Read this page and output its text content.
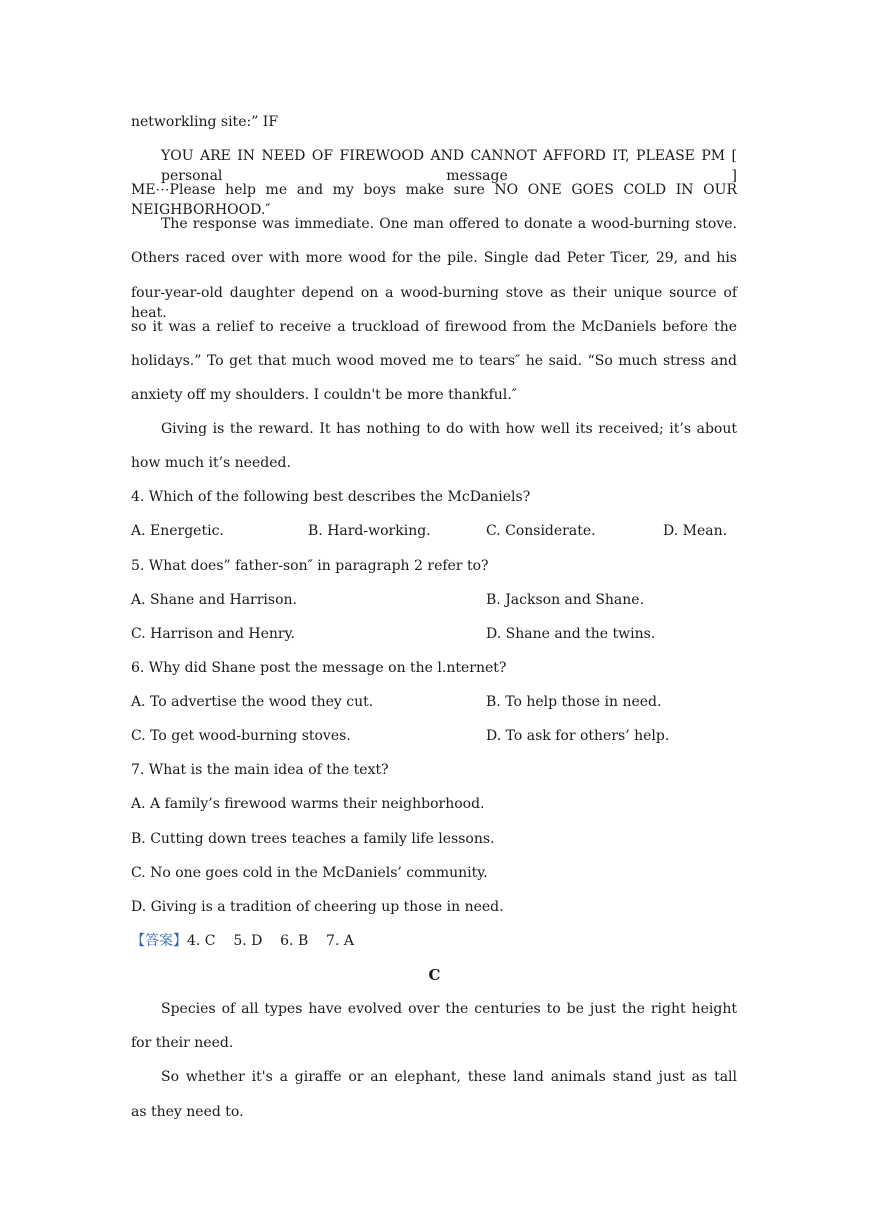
networkling site:” IF
YOU ARE IN NEED OF FIREWOOD AND CANNOT AFFORD IT, PLEASE PM [ personal message ]
ME⋯Please help me and my boys make sure NO ONE GOES COLD IN OUR NEIGHBORHOOD.″
The response was immediate. One man offered to donate a wood-burning stove.
Others raced over with more wood for the pile. Single dad Peter Ticer, 29, and his
four-year-old daughter depend on a wood-burning stove as their unique source of heat.
so it was a relief to receive a truckload of firewood from the McDaniels before the
holidays.” To get that much wood moved me to tears″ he said. “So much stress and
anxiety off my shoulders. I couldn't be more thankful.″
Giving is the reward. It has nothing to do with how well its received; it’s about
how much it’s needed.
4. Which of the following best describes the McDaniels?
A. Energetic.	B. Hard-working.	C. Considerate.	D. Mean.
5. What does” father-son″ in paragraph 2 refer to?
A. Shane and Harrison.	B. Jackson and Shane.
C. Harrison and Henry.	D. Shane and the twins.
6. Why did Shane post the message on the l.nternet?
A. To advertise the wood they cut.	B. To help those in need.
C. To get wood-burning stoves.	D. To ask for others’ help.
7. What is the main idea of the text?
A. A family’s firewood warms their neighborhood.
B. Cutting down trees teaches a family life lessons.
C. No one goes cold in the McDaniels’ community.
D. Giving is a tradition of cheering up those in need.
【答案】4. C    5. D    6. B    7. A
C
Species of all types have evolved over the centuries to be just the right height
for their need.
So whether it's a giraffe or an elephant, these land animals stand just as tall
as they need to.
